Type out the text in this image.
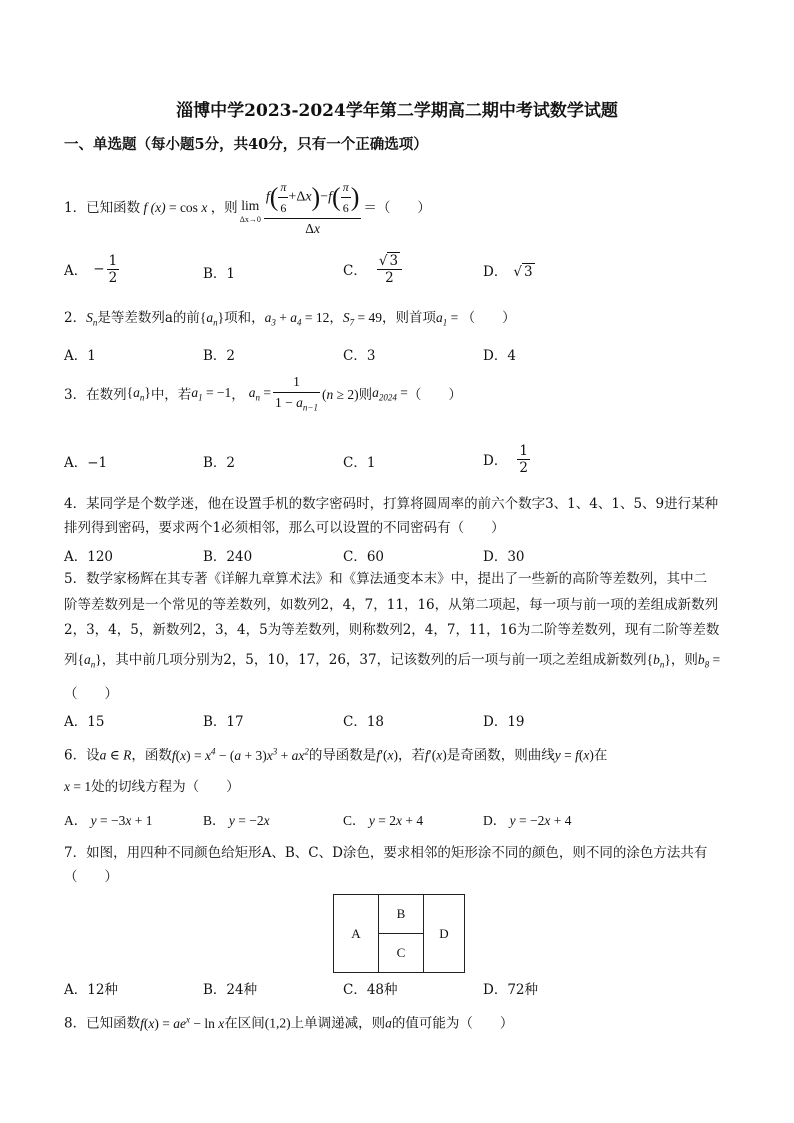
淄博中学2023-2024学年第二学期高二期中考试数学试题
一、单选题（每小题5分，共40分，只有一个正确选项）
1．已知函数 f (x) = cos x ，则 lim
$\Delta x\to 0 \frac{f( \frac{\pi}{6} +\Delta x)-f( \frac{\pi}{6} )}{\Delta x}$ ＝（　　）
A． − $\frac{1}{2}$	B．1	C． $\frac{√ 3}{2}$	D． √ 3
2．$S_n$是等差数列a的前$\{a_n\}$项和，$a_3 + a_4 = 12$，$S_7 = 49$，则首项$a_1$ = （　　）
A．1	B．2	C．3	D．4
3．在数列 $\{a_n\}$ 中，若 $a_1 = -1$ ， $a_n = \frac{1}{1 - a_{n-1}} (n \ge 2)$ 则 $a_{2024}$ = （　　）
A．−1	B．2	C．1	D． $\frac{1}{2}$
4．某同学是个数学迷，他在设置手机的数字密码时，打算将圆周率的前六个数字3、1、4、1、5、9进行某种
排列得到密码，要求两个1必须相邻，那么可以设置的不同密码有（　　）
A．120	B．240	C．60	D．30
5．数学家杨辉在其专著《详解九章算术法》和《算法通变本末》中，提出了一些新的高阶等差数列，其中二
阶等差数列是一个常见的等差数列，如数列2，4，7，11，16，从第二项起，每一项与前一项的差组成新数列
2，3，4，5，新数列2，3，4，5为等差数列，则称数列2，4，7，11，16为二阶等差数列，现有二阶等差数
列$\{a_n\}$，其中前几项分别为2，5，10，17，26，37，记该数列的后一项与前一项之差组成新数列$\{b_n\}$，则$b_8$ =
（　　）
A．15	B．17	C．18	D．19
6．设a ∈ R，函数$f(x) = x^4 - (a + 3)x^3 + ax^2$的导函数是f′(x)，若f′(x)是奇函数，则曲线y = f(x)在
x = 1处的切线方程为（　　）
A． y = −3x + 1	B． y = −2x	C． y = 2x + 4	D． y = −2x + 4
7．如图，用四种不同颜色给矩形A、B、C、D涂色，要求相邻的矩形涂不同的颜色，则不同的涂色方法共有
（　　）
A	B	D
C
A．12种	B．24种	C．48种	D．72种
8．已知函数$f(x) = ae^x - \ln x$在区间(1,2)上单调递减，则a的值可能为（　　）
